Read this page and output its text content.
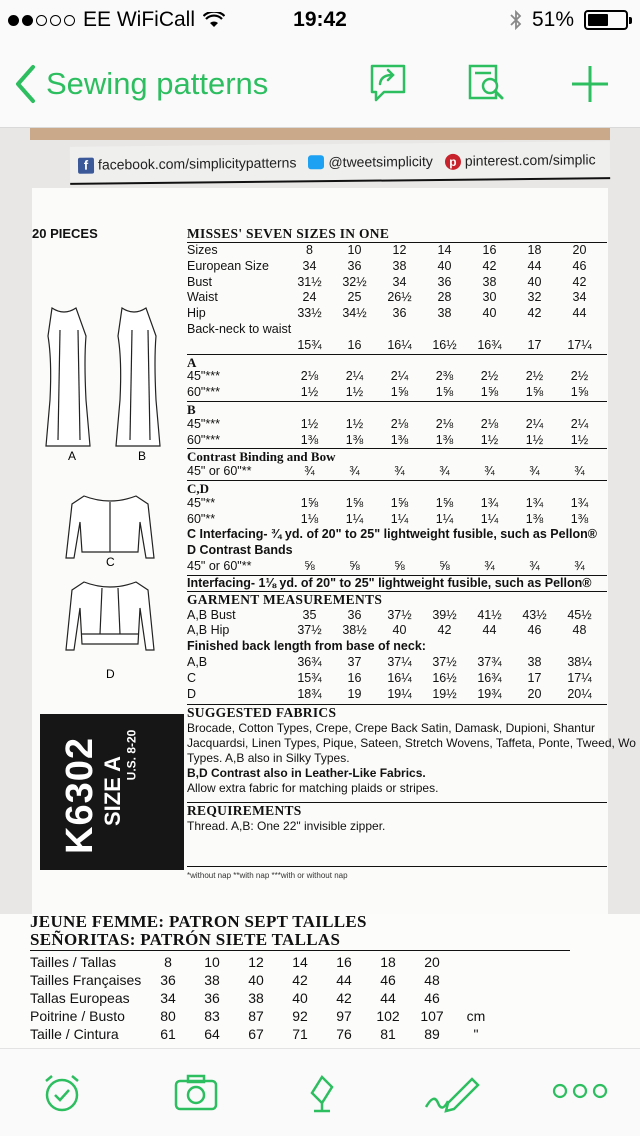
EE WiFiCall	19:42	51%
Sewing patterns
f facebook.com/simplicitypatterns	@tweetsimplicity	p pinterest.com/simplic
20 PIECES
A	B
C
D
MISSES' SEVEN SIZES IN ONE
Sizes	8	10	12	14	16	18	20
European Size	34	36	38	40	42	44	46
Bust	31½	32½	34	36	38	40	42
Waist	24	25	26½	28	30	32	34
Hip	33½	34½	36	38	40	42	44
Back-neck to waist
15¾	16	16¼	16½	16¾	17	17¼
A
45"***	2⅛	2¼	2¼	2⅜	2½	2½	2½
60"***	1½	1½	1⅝	1⅝	1⅝	1⅝	1⅝
B
45"***	1½	1½	2⅛	2⅛	2⅛	2¼	2¼
60"***	1⅜	1⅜	1⅜	1⅜	1½	1½	1½
Contrast Binding and Bow
45" or 60"**	¾	¾	¾	¾	¾	¾	¾
C,D
45"**	1⅝	1⅝	1⅝	1⅝	1¾	1¾	1¾
60"**	1⅛	1¼	1¼	1¼	1¼	1⅜	1⅜
C Interfacing- ¾ yd. of 20" to 25" lightweight fusible, such as Pellon®
D Contrast Bands
45" or 60"**	⅝	⅝	⅝	⅝	¾	¾	¾
Interfacing- 1⅛ yd. of 20" to 25" lightweight fusible, such as Pellon®
GARMENT MEASUREMENTS
A,B Bust	35	36	37½	39½	41½	43½	45½
A,B Hip	37½	38½	40	42	44	46	48
Finished back length from base of neck:
A,B	36¾	37	37¼	37½	37¾	38	38¼
C	15¾	16	16¼	16½	16¾	17	17¼
D	18¾	19	19¼	19½	19¾	20	20¼
SUGGESTED FABRICS
Brocade, Cotton Types, Crepe, Crepe Back Satin, Damask, Dupioni, Shantur
Jacquardsi, Linen Types, Pique, Sateen, Stretch Wovens, Taffeta, Ponte, Tweed, Wo
Types. A,B also in Silky Types.
B,D Contrast also in Leather-Like Fabrics.
Allow extra fabric for matching plaids or stripes.
REQUIREMENTS
Thread. A,B: One 22" invisible zipper.
*without nap **with nap ***with or without nap
K6302 SIZE A
U.S. 8-20
JEUNE FEMME: PATRON SEPT TAILLES
SEÑORITAS: PATRÓN SIETE TALLAS
Tailles / Tallas	8	10	12	14	16	18	20
Tailles Françaises	36	38	40	42	44	46	48
Tallas Europeas	34	36	38	40	42	44	46
Poitrine / Busto	80	83	87	92	97	102	107	cm
Taille / Cintura	61	64	67	71	76	81	89	"
